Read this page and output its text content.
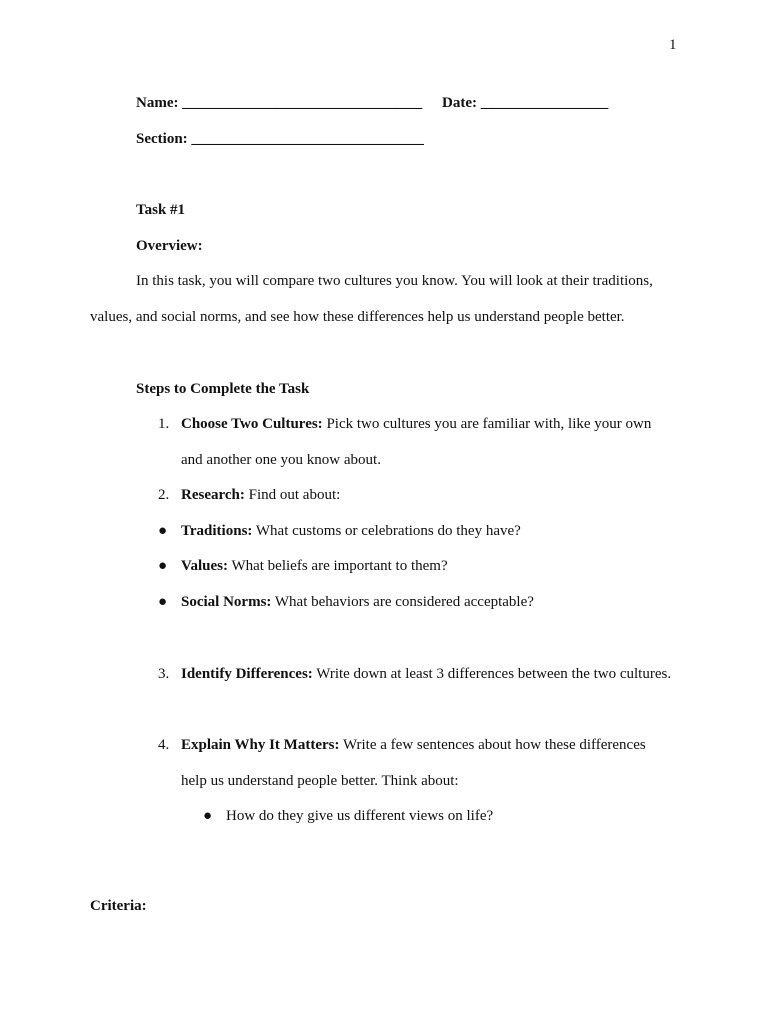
1
Name: ________________________________ Date: _________________
Section: _______________________________
Task #1
Overview:
In this task, you will compare two cultures you know. You will look at their traditions,
values, and social norms, and see how these differences help us understand people better.
Steps to Complete the Task
1. Choose Two Cultures: Pick two cultures you are familiar with, like your own
and another one you know about.
2. Research: Find out about:
● Traditions: What customs or celebrations do they have?
● Values: What beliefs are important to them?
● Social Norms: What behaviors are considered acceptable?
3. Identify Differences: Write down at least 3 differences between the two cultures.
4. Explain Why It Matters: Write a few sentences about how these differences
help us understand people better. Think about:
● How do they give us different views on life?
Criteria:
